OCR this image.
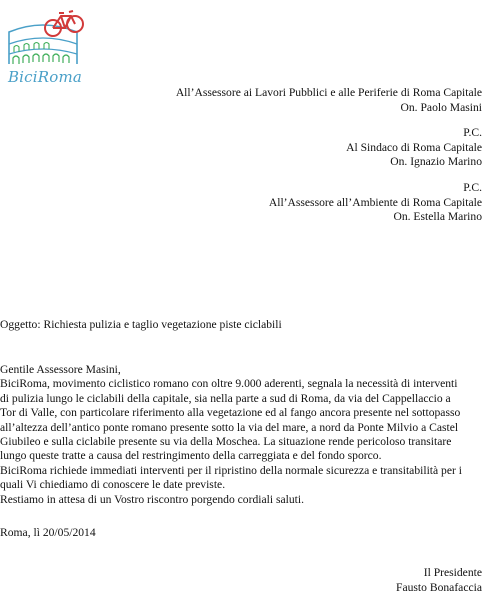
BiciRoma
All’Assessore ai Lavori Pubblici e alle Periferie di Roma Capitale
On. Paolo Masini
P.C.
Al Sindaco di Roma Capitale
On. Ignazio Marino
P.C.
All’Assessore all’Ambiente di Roma Capitale
On. Estella Marino
Oggetto: Richiesta pulizia e taglio vegetazione piste ciclabili
Gentile Assessore Masini,
BiciRoma, movimento ciclistico romano con oltre 9.000 aderenti, segnala la necessità di interventi
di pulizia lungo le ciclabili della capitale, sia nella parte a sud di Roma, da via del Cappellaccio a
Tor di Valle, con particolare riferimento alla vegetazione ed al fango ancora presente nel sottopasso
all’altezza dell’antico ponte romano presente sotto la via del mare, a nord da Ponte Milvio a Castel
Giubileo e sulla ciclabile presente su via della Moschea. La situazione rende pericoloso transitare
lungo queste tratte a causa del restringimento della carreggiata e del fondo sporco.
BiciRoma richiede immediati interventi per il ripristino della normale sicurezza e transitabilità per i
quali Vi chiediamo di conoscere le date previste.
Restiamo in attesa di un Vostro riscontro porgendo cordiali saluti.
Roma, lì 20/05/2014
Il Presidente
Fausto Bonafaccia
